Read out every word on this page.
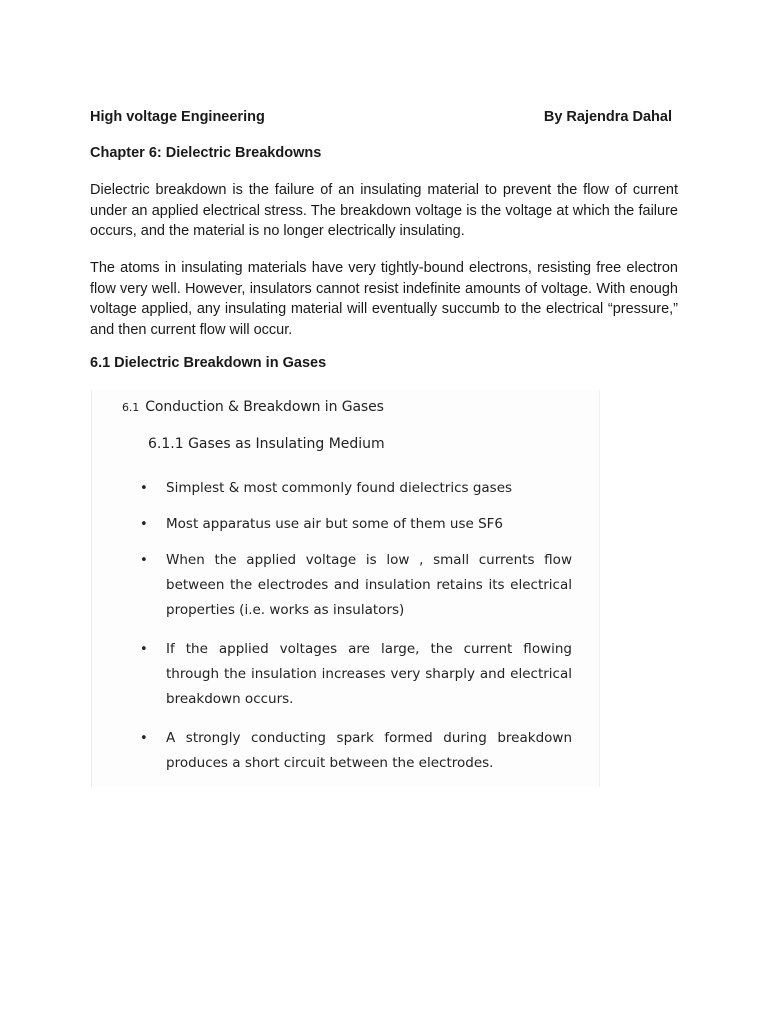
High voltage Engineering	By Rajendra Dahal
Chapter 6: Dielectric Breakdowns

Dielectric breakdown is the failure of an insulating material to prevent the flow of current under an applied electrical stress. The breakdown voltage is the voltage at which the failure occurs, and the material is no longer electrically insulating.

The atoms in insulating materials have very tightly-bound electrons, resisting free electron flow very well. However, insulators cannot resist indefinite amounts of voltage. With enough voltage applied, any insulating material will eventually succumb to the electrical “pressure,” and then current flow will occur.

6.1 Dielectric Breakdown in Gases
6.1 Conduction & Breakdown in Gases
6.1.1 Gases as Insulating Medium
• Simplest & most commonly found dielectrics gases
• Most apparatus use air but some of them use SF6
• When the applied voltage is low , small currents flow between the electrodes and insulation retains its electrical properties (i.e. works as insulators)
• If the applied voltages are large, the current flowing through the insulation increases very sharply and electrical breakdown occurs.
• A strongly conducting spark formed during breakdown produces a short circuit between the electrodes.
